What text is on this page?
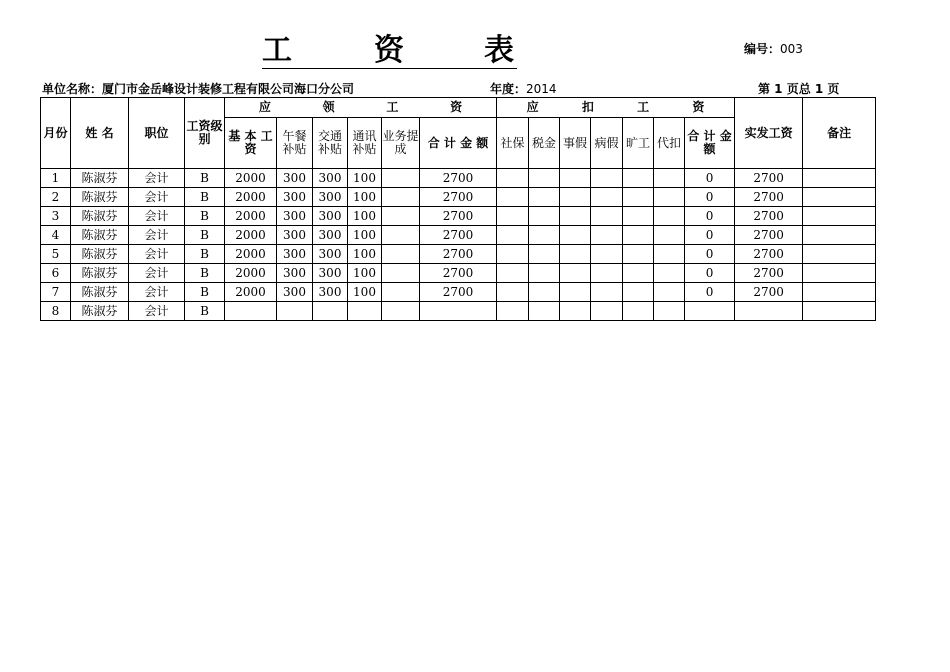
工	资	表	编号：003
单位名称：厦门市金岳峰设计装修工程有限公司海口分公司	年度：2014	第 1 页总 1 页
月份	姓 名	职位	工资级别	应 领 工 资						应 扣 工 资							实发工资	备注
				基 本 工 资	午餐补贴	交通补贴	通讯补贴	业务提成	合 计 金 额	社保	税金	事假	病假	旷工	代扣	合 计 金 额		
1	陈淑芬	会计	B	2000	300	300	100		2700							0	2700	
2	陈淑芬	会计	B	2000	300	300	100		2700							0	2700	
3	陈淑芬	会计	B	2000	300	300	100		2700							0	2700	
4	陈淑芬	会计	B	2000	300	300	100		2700							0	2700	
5	陈淑芬	会计	B	2000	300	300	100		2700							0	2700	
6	陈淑芬	会计	B	2000	300	300	100		2700							0	2700	
7	陈淑芬	会计	B	2000	300	300	100		2700							0	2700	
8	陈淑芬	会计	B															
